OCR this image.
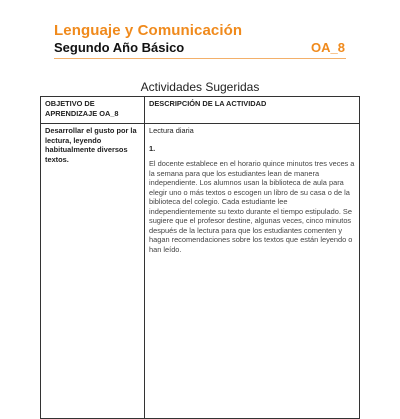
Lenguaje y Comunicación
Segundo Año Básico	OA_8
Actividades Sugeridas
OBJETIVO DE APRENDIZAJE OA_8	DESCRIPCIÓN DE LA ACTIVIDAD
Desarrollar el gusto por la lectura, leyendo habitualmente diversos textos.	Lectura diaria
1.
El docente establece en el horario quince minutos tres veces a la semana para que los estudiantes lean de manera independiente. Los alumnos usan la biblioteca de aula para elegir uno o más textos o escogen un libro de su casa o de la biblioteca del colegio. Cada estudiante lee independientemente su texto durante el tiempo estipulado. Se sugiere que el profesor destine, algunas veces, cinco minutos después de la lectura para que los estudiantes comenten y hagan recomendaciones sobre los textos que están leyendo o han leído.
